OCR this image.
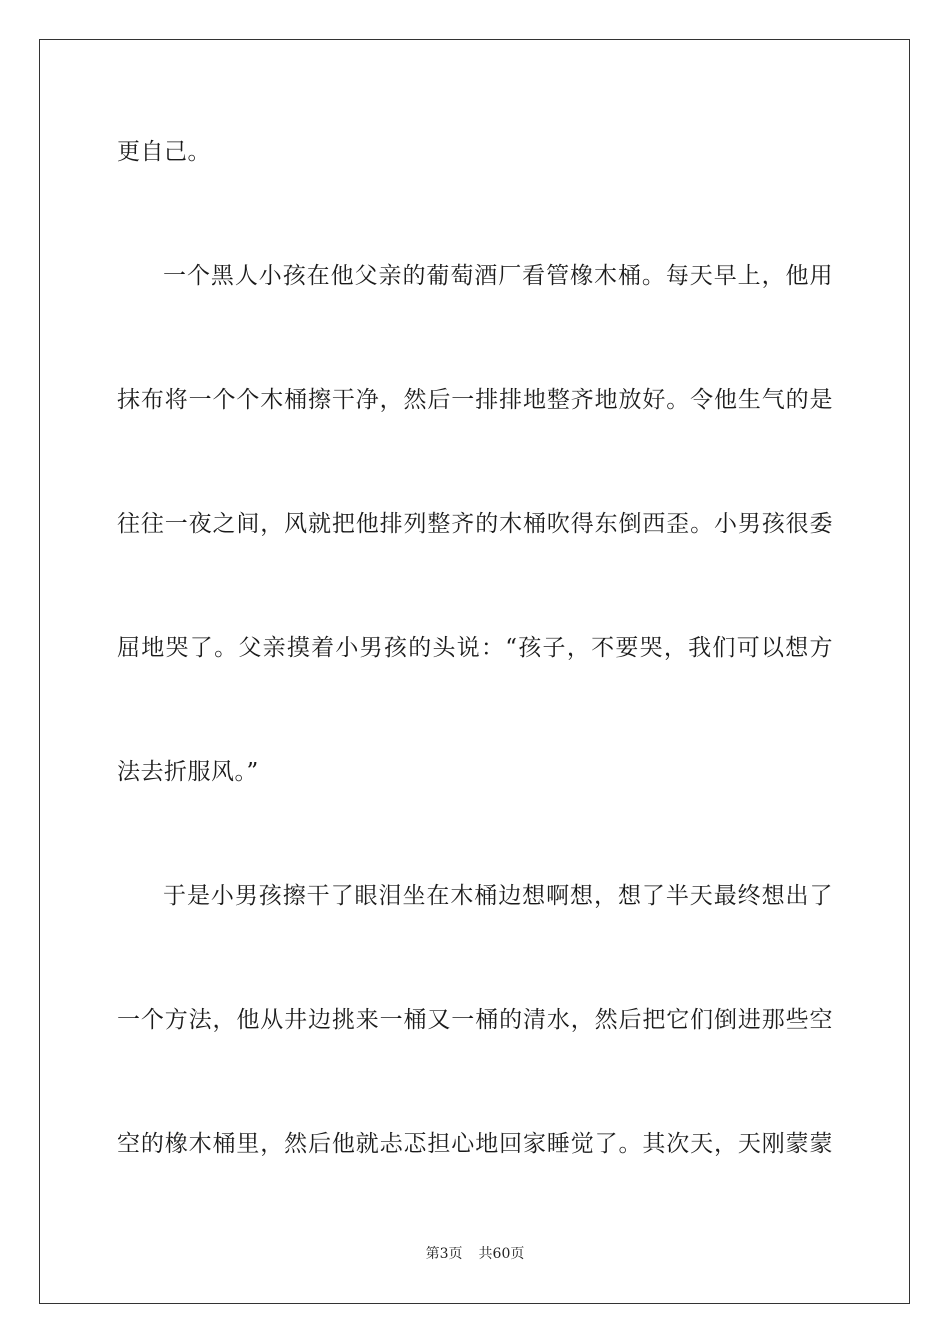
更自己。
一个黑人小孩在他父亲的葡萄酒厂看管橡木桶。每天早上，他用
抹布将一个个木桶擦干净，然后一排排地整齐地放好。令他生气的是
往往一夜之间，风就把他排列整齐的木桶吹得东倒西歪。小男孩很委
屈地哭了。父亲摸着小男孩的头说：“孩子，不要哭，我们可以想方
法去折服风。”
于是小男孩擦干了眼泪坐在木桶边想啊想，想了半天最终想出了
一个方法，他从井边挑来一桶又一桶的清水，然后把它们倒进那些空
空的橡木桶里，然后他就忐忑担心地回家睡觉了。其次天，天刚蒙蒙
第3页 共60页
